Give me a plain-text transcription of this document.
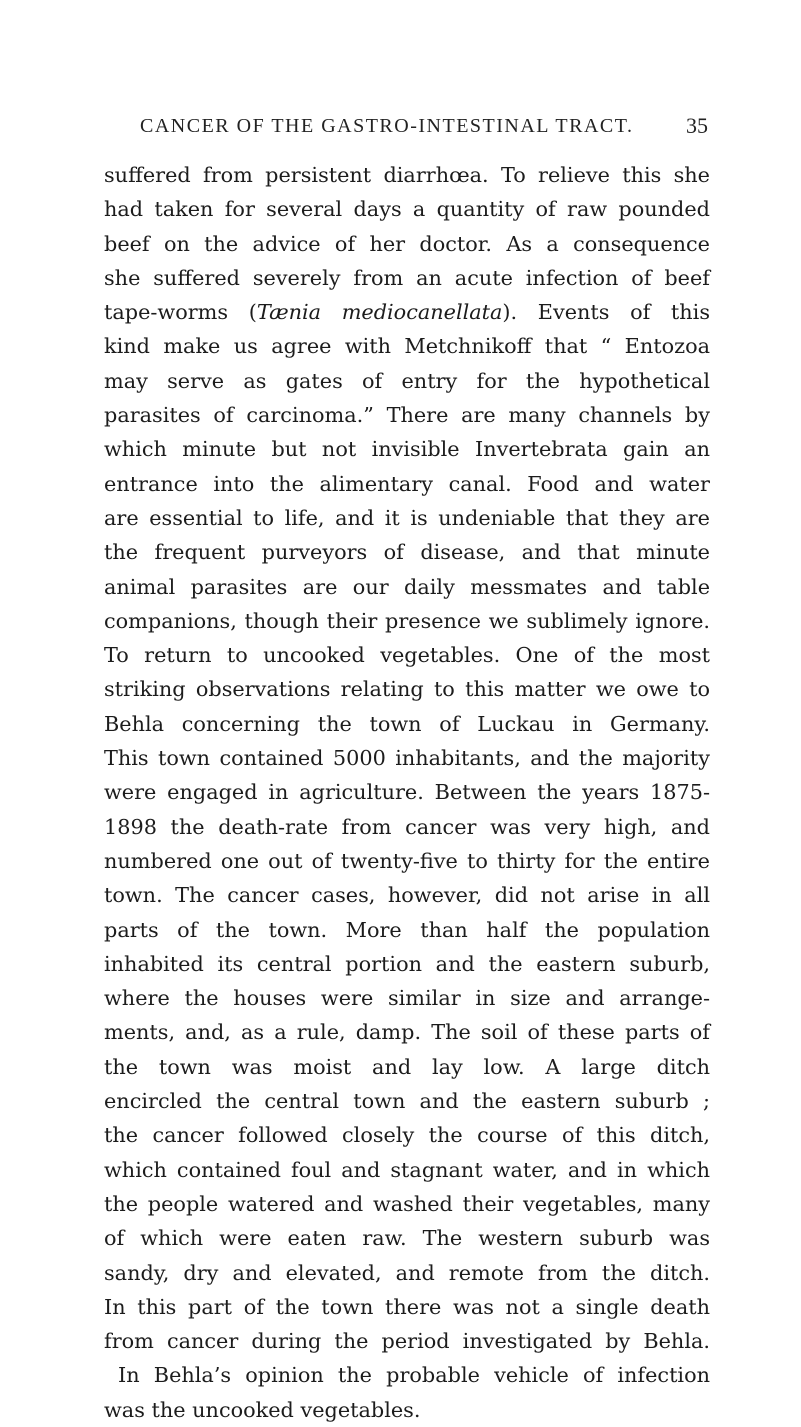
CANCER OF THE GASTRO-INTESTINAL TRACT.	35
suffered from persistent diarrhœa. To relieve this she
had taken for several days a quantity of raw pounded
beef on the advice of her doctor. As a consequence
she suffered severely from an acute infection of beef
tape-worms (Tænia mediocanellata). Events of this
kind make us agree with Metchnikoff that “ Entozoa
may serve as gates of entry for the hypothetical
parasites of carcinoma.” There are many channels by
which minute but not invisible Invertebrata gain an
entrance into the alimentary canal. Food and water
are essential to life, and it is undeniable that they are
the frequent purveyors of disease, and that minute
animal parasites are our daily messmates and table
companions, though their presence we sublimely ignore.
To return to uncooked vegetables. One of the most
striking observations relating to this matter we owe to
Behla concerning the town of Luckau in Germany.
This town contained 5000 inhabitants, and the majority
were engaged in agriculture. Between the years 1875-
1898 the death-rate from cancer was very high, and
numbered one out of twenty-five to thirty for the entire
town. The cancer cases, however, did not arise in all
parts of the town. More than half the population
inhabited its central portion and the eastern suburb,
where the houses were similar in size and arrange-
ments, and, as a rule, damp. The soil of these parts of
the town was moist and lay low. A large ditch
encircled the central town and the eastern suburb ;
the cancer followed closely the course of this ditch,
which contained foul and stagnant water, and in which
the people watered and washed their vegetables, many
of which were eaten raw. The western suburb was
sandy, dry and elevated, and remote from the ditch.
In this part of the town there was not a single death
from cancer during the period investigated by Behla.
In Behla’s opinion the probable vehicle of infection
was the uncooked vegetables.
